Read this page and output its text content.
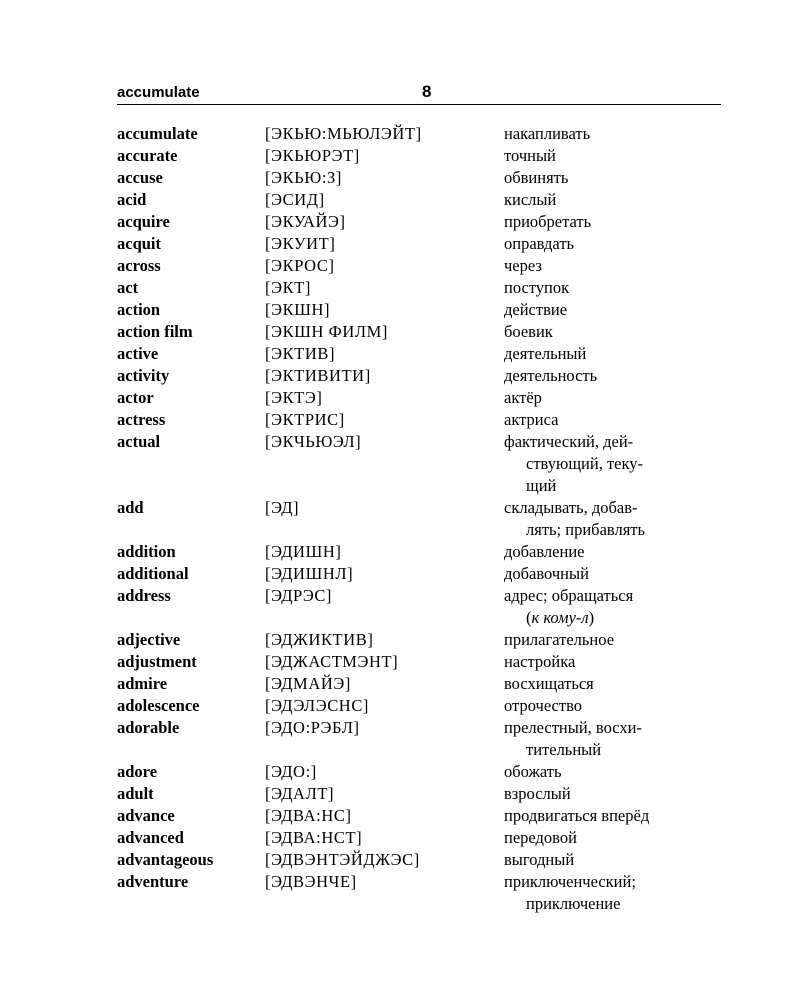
accumulate	8
accumulate	[ЭКЬЮ:МЬЮЛЭЙТ]	накапливать
accurate	[ЭКЬЮРЭТ]	точный
accuse	[ЭКЬЮ:З]	обвинять
acid	[ЭСИД]	кислый
acquire	[ЭКУАЙЭ]	приобретать
acquit	[ЭКУИТ]	оправдать
across	[ЭКРОС]	через
act	[ЭКТ]	поступок
action	[ЭКШН]	действие
action film	[ЭКШН ФИЛМ]	боевик
active	[ЭКТИВ]	деятельный
activity	[ЭКТИВИТИ]	деятельность
actor	[ЭКТЭ]	актёр
actress	[ЭКТРИС]	актриса
actual	[ЭКЧЬЮЭЛ]	фактический, дей-
ствующий, теку-
щий
add	[ЭД]	складывать, добав-
лять; прибавлять
addition	[ЭДИШН]	добавление
additional	[ЭДИШНЛ]	добавочный
address	[ЭДРЭС]	адрес; обращаться
(к кому-л)
adjective	[ЭДЖИКТИВ]	прилагательное
adjustment	[ЭДЖАСТМЭНТ]	настройка
admire	[ЭДМАЙЭ]	восхищаться
adolescence	[ЭДЭЛЭСНС]	отрочество
adorable	[ЭДО:РЭБЛ]	прелестный, восхи-
тительный
adore	[ЭДО:]	обожать
adult	[ЭДАЛТ]	взрослый
advance	[ЭДВА:НС]	продвигаться вперёд
advanced	[ЭДВА:НСТ]	передовой
advantageous	[ЭДВЭНТЭЙДЖЭС]	выгодный
adventure	[ЭДВЭНЧЕ]	приключенческий;
приключение
